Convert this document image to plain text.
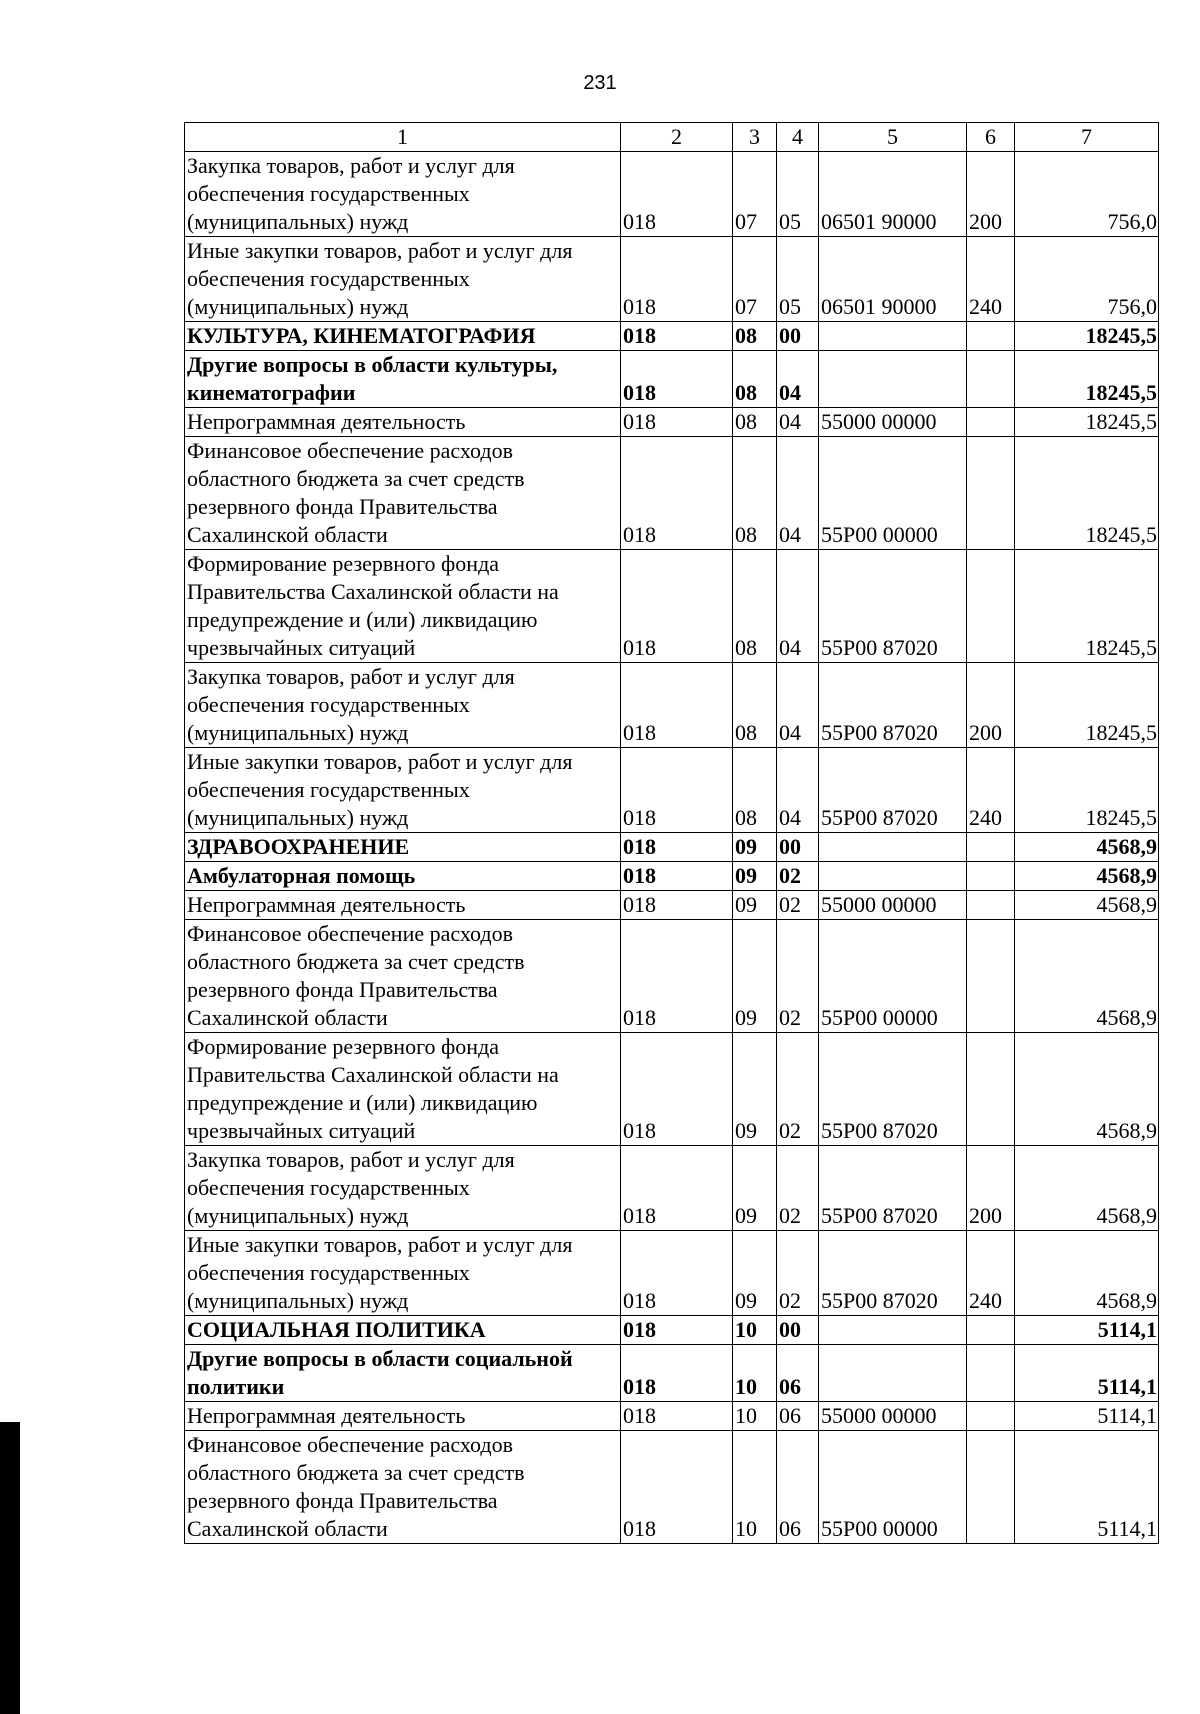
231
1	2	3	4	5	6	7
Закупка товаров, работ и услуг для обеспечения государственных (муниципальных) нужд	018	07	05	06501 90000	200	756,0
Иные закупки товаров, работ и услуг для обеспечения государственных (муниципальных) нужд	018	07	05	06501 90000	240	756,0
КУЛЬТУРА, КИНЕМАТОГРАФИЯ	018	08	00			18245,5
Другие вопросы в области культуры, кинематографии	018	08	04			18245,5
Непрограммная деятельность	018	08	04	55000 00000		18245,5
Финансовое обеспечение расходов областного бюджета за счет средств резервного фонда Правительства Сахалинской области	018	08	04	55Р00 00000		18245,5
Формирование резервного фонда Правительства Сахалинской области на предупреждение и (или) ликвидацию чрезвычайных ситуаций	018	08	04	55Р00 87020		18245,5
Закупка товаров, работ и услуг для обеспечения государственных (муниципальных) нужд	018	08	04	55Р00 87020	200	18245,5
Иные закупки товаров, работ и услуг для обеспечения государственных (муниципальных) нужд	018	08	04	55Р00 87020	240	18245,5
ЗДРАВООХРАНЕНИЕ	018	09	00			4568,9
Амбулаторная помощь	018	09	02			4568,9
Непрограммная деятельность	018	09	02	55000 00000		4568,9
Финансовое обеспечение расходов областного бюджета за счет средств резервного фонда Правительства Сахалинской области	018	09	02	55Р00 00000		4568,9
Формирование резервного фонда Правительства Сахалинской области на предупреждение и (или) ликвидацию чрезвычайных ситуаций	018	09	02	55Р00 87020		4568,9
Закупка товаров, работ и услуг для обеспечения государственных (муниципальных) нужд	018	09	02	55Р00 87020	200	4568,9
Иные закупки товаров, работ и услуг для обеспечения государственных (муниципальных) нужд	018	09	02	55Р00 87020	240	4568,9
СОЦИАЛЬНАЯ ПОЛИТИКА	018	10	00			5114,1
Другие вопросы в области социальной политики	018	10	06			5114,1
Непрограммная деятельность	018	10	06	55000 00000		5114,1
Финансовое обеспечение расходов областного бюджета за счет средств резервного фонда Правительства Сахалинской области	018	10	06	55Р00 00000		5114,1
